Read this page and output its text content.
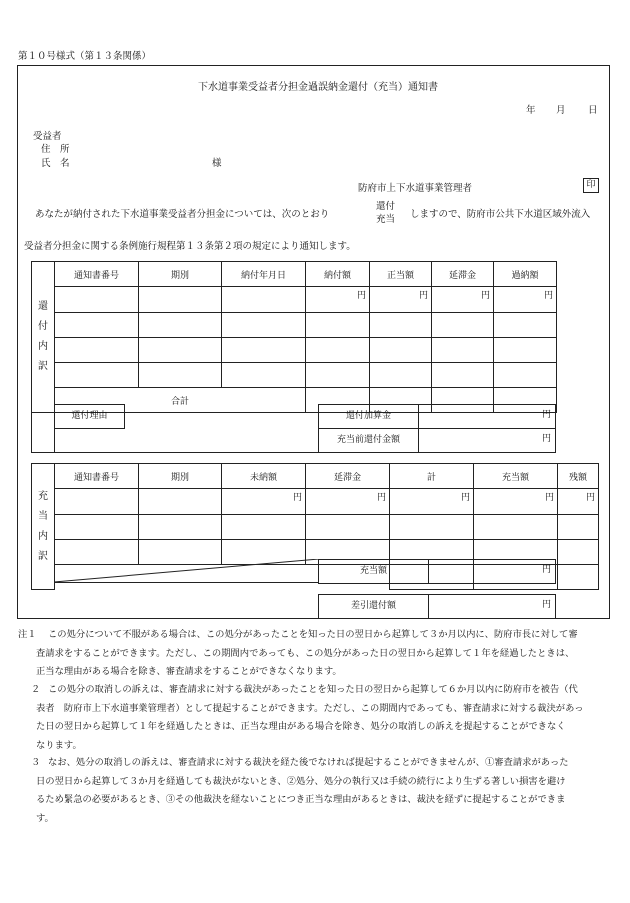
第１０号様式（第１３条関係）
下水道事業受益者分担金過誤納金還付（充当）通知書
年 月 日
受益者
住　所
氏　名	様
防府市上下水道事業管理者	印
あなたが納付された下水道事業受益者分担金については、次のとおり
還付
充当 しますので、防府市公共下水道区域外流入
受益者分担金に関する条例施行規程第１３条第２項の規定により通知します。
還
付
内
訳	通知書番号	期別	納付年月日	納付額	正当額	延滞金	過納額
				円	円	円	円

	合計						
還付理由	還付加算金	円
充当前還付金額	円
充
当
内
訳	通知書番号	期別	未納額	延滞金	計	充当額	残額
			円	円	円	円	円

充当額	円
差引還付額	円
注１ この処分について不服がある場合は、この処分があったことを知った日の翌日から起算して３か月以内に、防府市長に対して審
査請求をすることができます。ただし、この期間内であっても、この処分があった日の翌日から起算して１年を経過したときは、
正当な理由がある場合を除き、審査請求をすることができなくなります。
２ この処分の取消しの訴えは、審査請求に対する裁決があったことを知った日の翌日から起算して６か月以内に防府市を被告（代
表者　防府市上下水道事業管理者）として提起することができます。ただし、この期間内であっても、審査請求に対する裁決があっ
た日の翌日から起算して１年を経過したときは、正当な理由がある場合を除き、処分の取消しの訴えを提起することができなく
なります。
３ なお、処分の取消しの訴えは、審査請求に対する裁決を経た後でなければ提起することができませんが、①審査請求があった
日の翌日から起算して３か月を経過しても裁決がないとき、②処分、処分の執行又は手続の続行により生ずる著しい損害を避け
るため緊急の必要があるとき、③その他裁決を経ないことにつき正当な理由があるときは、裁決を経ずに提起することができま
す。
